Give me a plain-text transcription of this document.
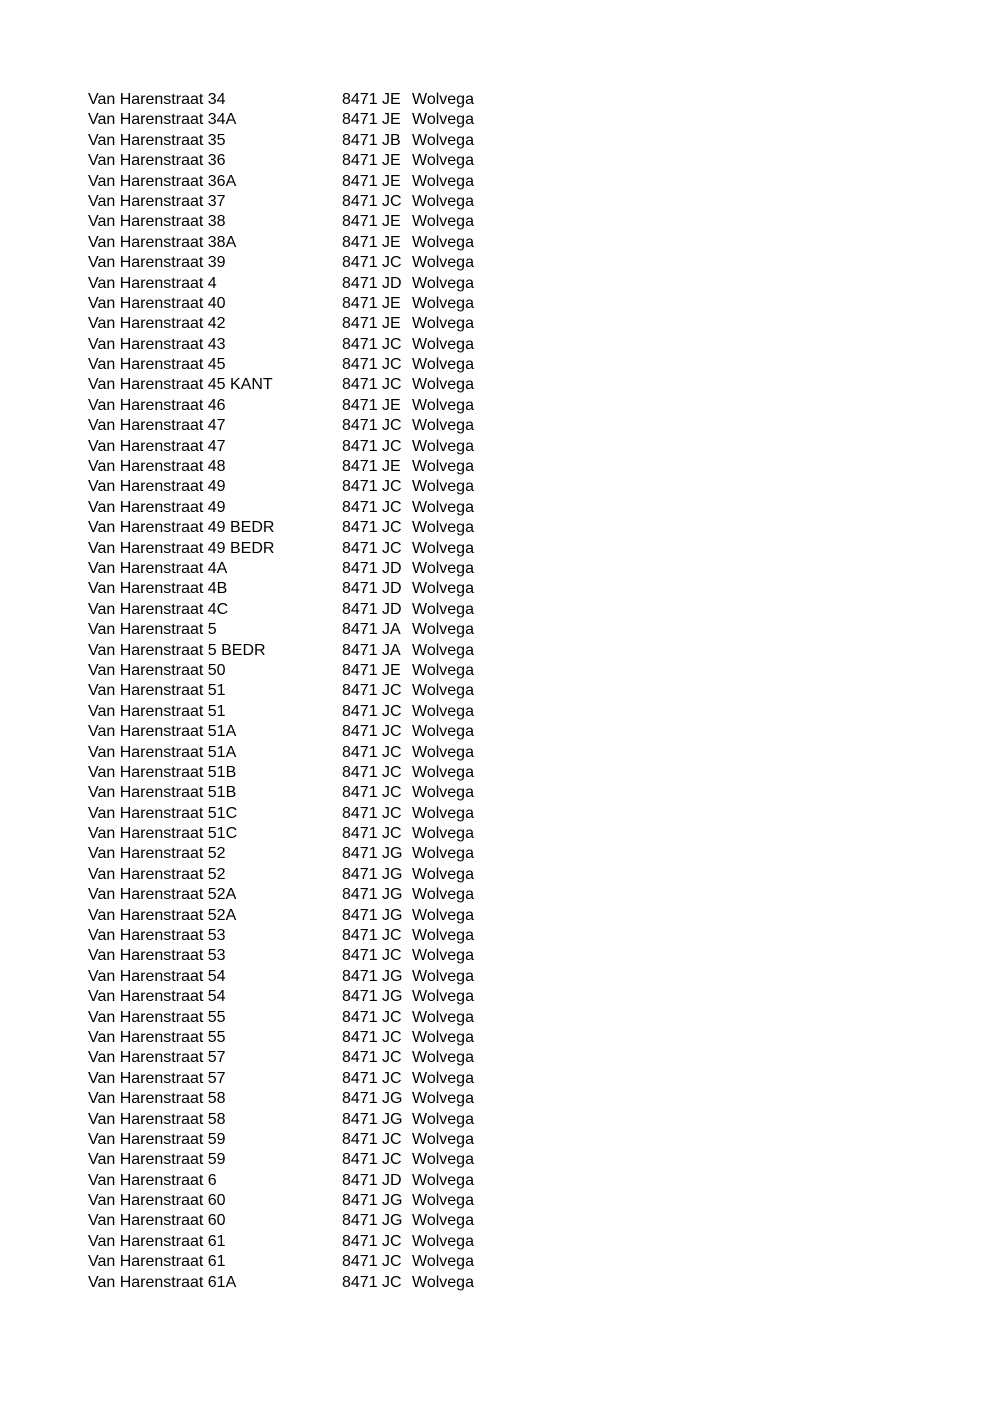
Van Harenstraat 34	8471 JE Wolvega
Van Harenstraat 34A	8471 JE Wolvega
Van Harenstraat 35	8471 JB Wolvega
Van Harenstraat 36	8471 JE Wolvega
Van Harenstraat 36A	8471 JE Wolvega
Van Harenstraat 37	8471 JC Wolvega
Van Harenstraat 38	8471 JE Wolvega
Van Harenstraat 38A	8471 JE Wolvega
Van Harenstraat 39	8471 JC Wolvega
Van Harenstraat 4	8471 JD Wolvega
Van Harenstraat 40	8471 JE Wolvega
Van Harenstraat 42	8471 JE Wolvega
Van Harenstraat 43	8471 JC Wolvega
Van Harenstraat 45	8471 JC Wolvega
Van Harenstraat 45 KANT	8471 JC Wolvega
Van Harenstraat 46	8471 JE Wolvega
Van Harenstraat 47	8471 JC Wolvega
Van Harenstraat 47	8471 JC Wolvega
Van Harenstraat 48	8471 JE Wolvega
Van Harenstraat 49	8471 JC Wolvega
Van Harenstraat 49	8471 JC Wolvega
Van Harenstraat 49 BEDR	8471 JC Wolvega
Van Harenstraat 49 BEDR	8471 JC Wolvega
Van Harenstraat 4A	8471 JD Wolvega
Van Harenstraat 4B	8471 JD Wolvega
Van Harenstraat 4C	8471 JD Wolvega
Van Harenstraat 5	8471 JA Wolvega
Van Harenstraat 5 BEDR	8471 JA Wolvega
Van Harenstraat 50	8471 JE Wolvega
Van Harenstraat 51	8471 JC Wolvega
Van Harenstraat 51	8471 JC Wolvega
Van Harenstraat 51A	8471 JC Wolvega
Van Harenstraat 51A	8471 JC Wolvega
Van Harenstraat 51B	8471 JC Wolvega
Van Harenstraat 51B	8471 JC Wolvega
Van Harenstraat 51C	8471 JC Wolvega
Van Harenstraat 51C	8471 JC Wolvega
Van Harenstraat 52	8471 JG Wolvega
Van Harenstraat 52	8471 JG Wolvega
Van Harenstraat 52A	8471 JG Wolvega
Van Harenstraat 52A	8471 JG Wolvega
Van Harenstraat 53	8471 JC Wolvega
Van Harenstraat 53	8471 JC Wolvega
Van Harenstraat 54	8471 JG Wolvega
Van Harenstraat 54	8471 JG Wolvega
Van Harenstraat 55	8471 JC Wolvega
Van Harenstraat 55	8471 JC Wolvega
Van Harenstraat 57	8471 JC Wolvega
Van Harenstraat 57	8471 JC Wolvega
Van Harenstraat 58	8471 JG Wolvega
Van Harenstraat 58	8471 JG Wolvega
Van Harenstraat 59	8471 JC Wolvega
Van Harenstraat 59	8471 JC Wolvega
Van Harenstraat 6	8471 JD Wolvega
Van Harenstraat 60	8471 JG Wolvega
Van Harenstraat 60	8471 JG Wolvega
Van Harenstraat 61	8471 JC Wolvega
Van Harenstraat 61	8471 JC Wolvega
Van Harenstraat 61A	8471 JC Wolvega
